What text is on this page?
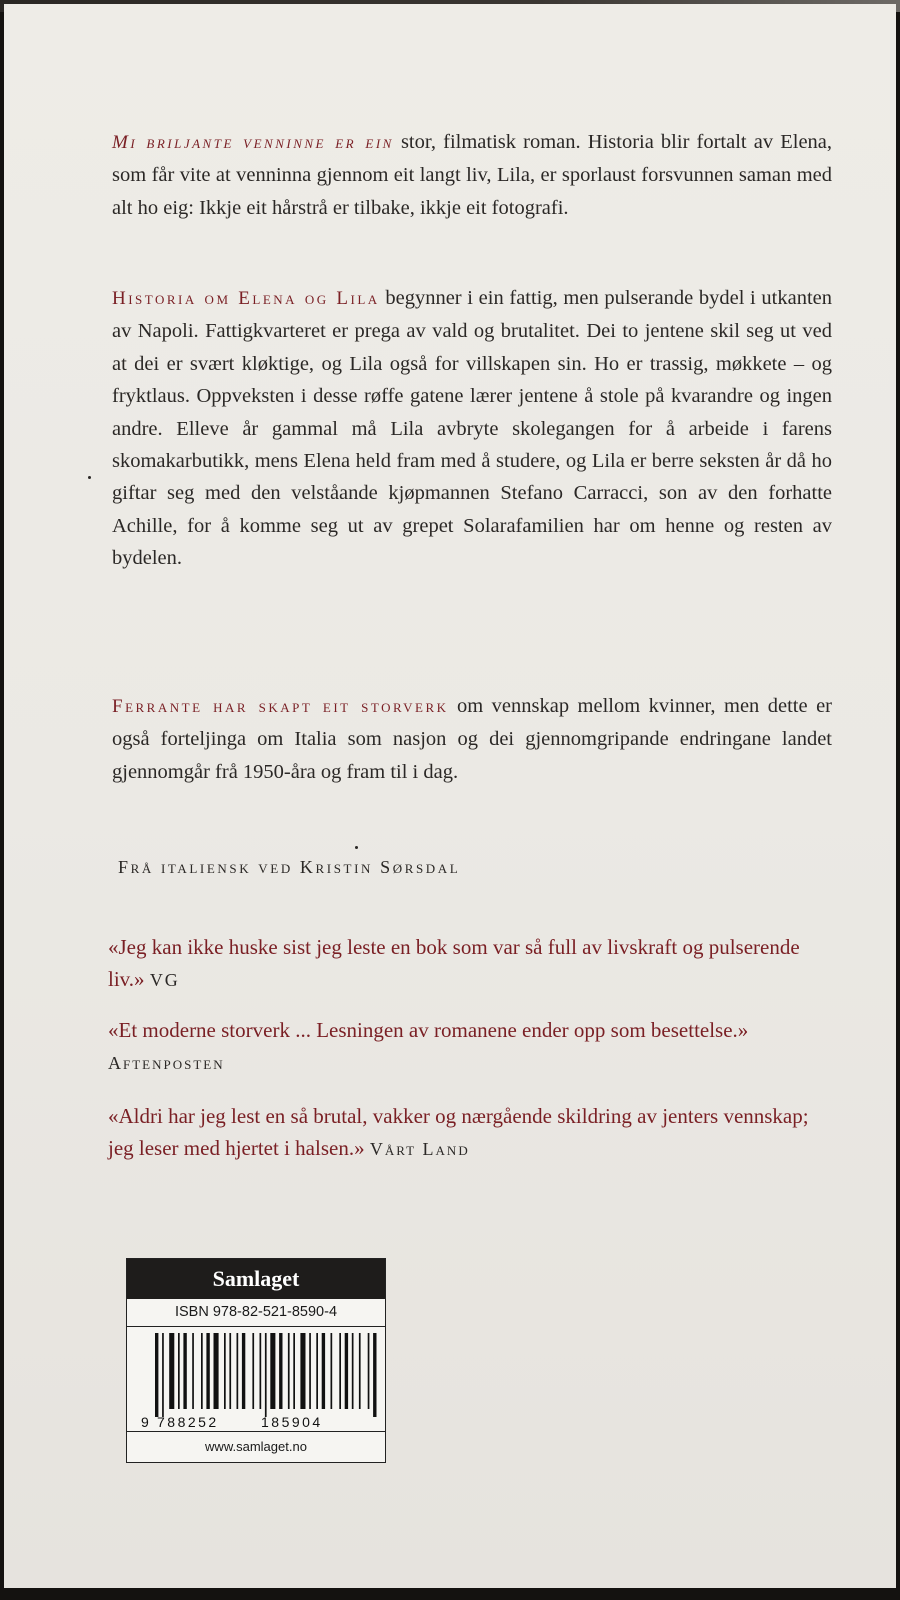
Mi briljante venninne er ein stor, filmatisk roman. Historia blir fortalt av Elena, som får vite at venninna gjennom eit langt liv, Lila, er sporlaust forsvunnen saman med alt ho eig: Ikkje eit hårstrå er tilbake, ikkje eit fotografi.

Historia om Elena og Lila begynner i ein fattig, men pulserande bydel i utkanten av Napoli. Fattigkvarteret er prega av vald og brutalitet. Dei to jentene skil seg ut ved at dei er svært kløktige, og Lila også for villskapen sin. Ho er trassig, møkkete – og fryktlaus. Oppveksten i desse røffe gatene lærer jentene å stole på kvarandre og ingen andre. Elleve år gammal må Lila avbryte skolegangen for å arbeide i farens skomakarbutikk, mens Elena held fram med å studere, og Lila er berre seksten år då ho giftar seg med den velståande kjøpmannen Stefano Carracci, son av den forhatte Achille, for å komme seg ut av grepet Solarafamilien har om henne og resten av bydelen.

Ferrante har skapt eit storverk om vennskap mellom kvinner, men dette er også forteljinga om Italia som nasjon og dei gjennomgripande endringane landet gjennomgår frå 1950-åra og fram til i dag.

Frå italiensk ved Kristin Sørsdal

«Jeg kan ikke huske sist jeg leste en bok som var så full av livskraft og pulserende liv.» VG

«Et moderne storverk ... Lesningen av romanene ender opp som besettelse.» Aftenposten

«Aldri har jeg lest en så brutal, vakker og nærgående skildring av jenters vennskap; jeg leser med hjertet i halsen.» Vårt Land

Samlaget
ISBN 978-82-521-8590-4
9 788252	185904
www.samlaget.no
